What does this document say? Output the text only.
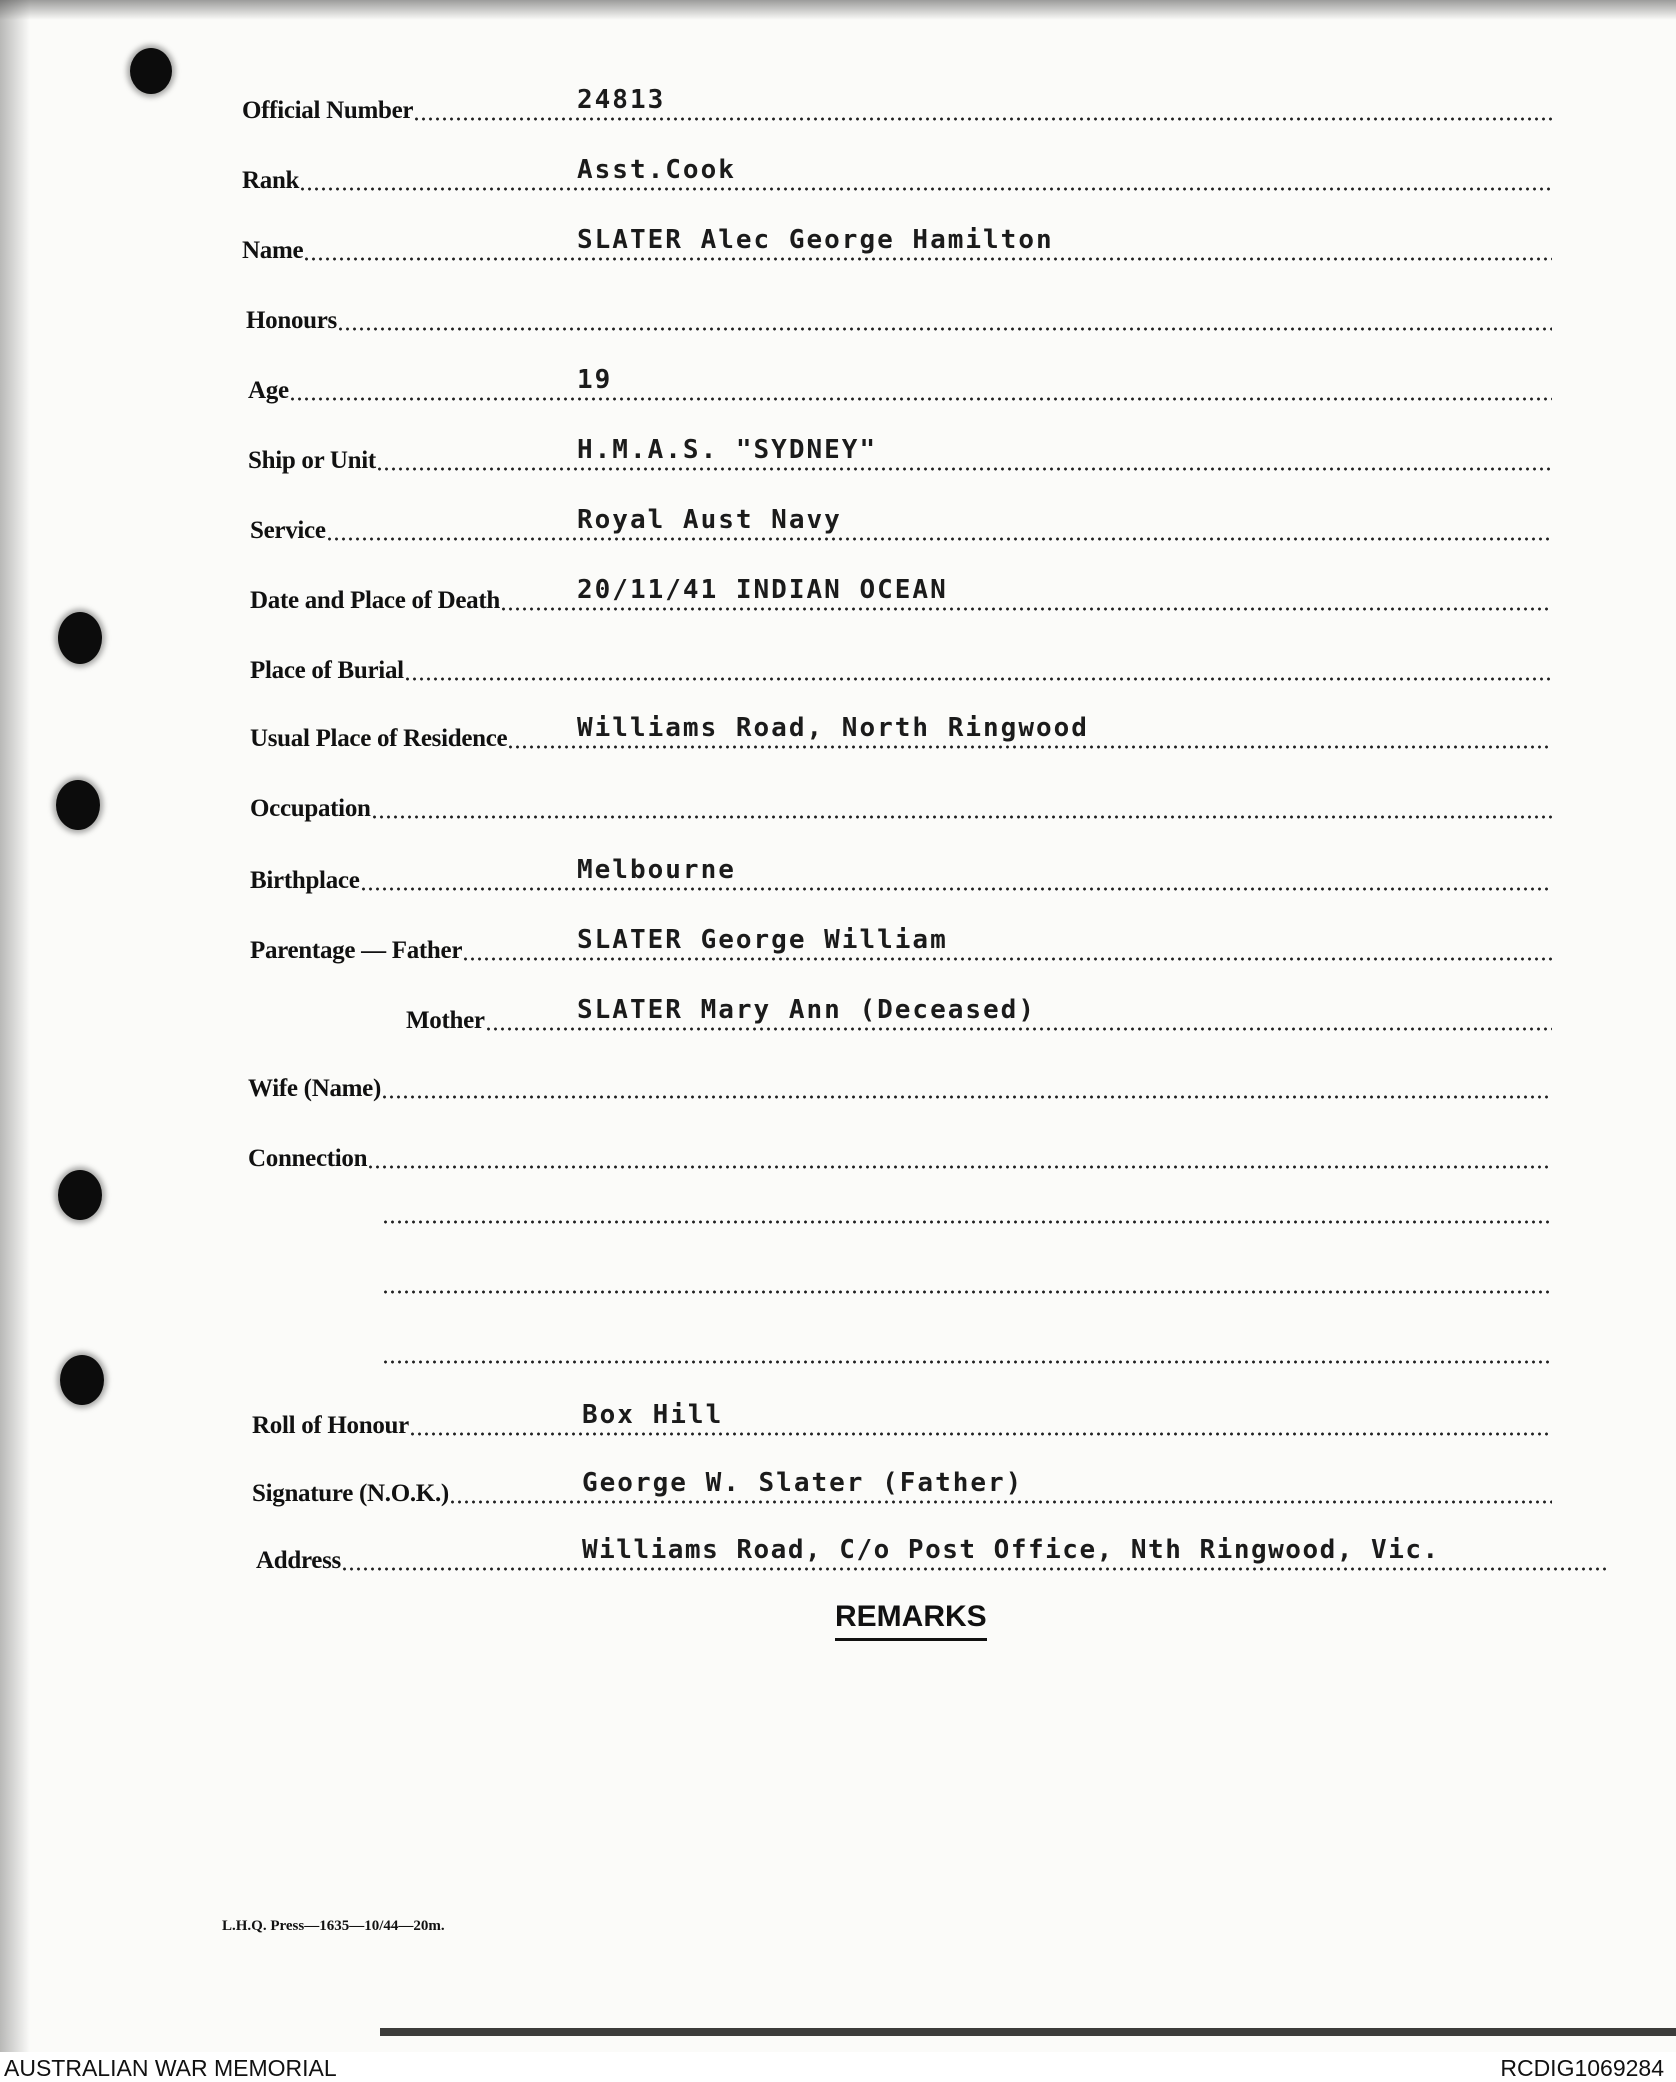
Official Number	24813
Rank	Asst.Cook
Name	SLATER Alec George Hamilton
Honours
Age	19
Ship or Unit	H.M.A.S. "SYDNEY"
Service	Royal Aust Navy
Date and Place of Death	20/11/41 INDIAN OCEAN
Place of Burial
Usual Place of Residence	Williams Road, North Ringwood
Occupation
Birthplace	Melbourne
Parentage — Father	SLATER George William
Mother	SLATER Mary Ann (Deceased)
Wife (Name)
Connection
Roll of Honour	Box Hill
Signature (N.O.K.)	George W. Slater (Father)
Address	Williams Road, C/o Post Office, Nth Ringwood, Vic.
REMARKS
L.H.Q. Press—1635—10/44—20m.
AUSTRALIAN WAR MEMORIAL	RCDIG1069284
